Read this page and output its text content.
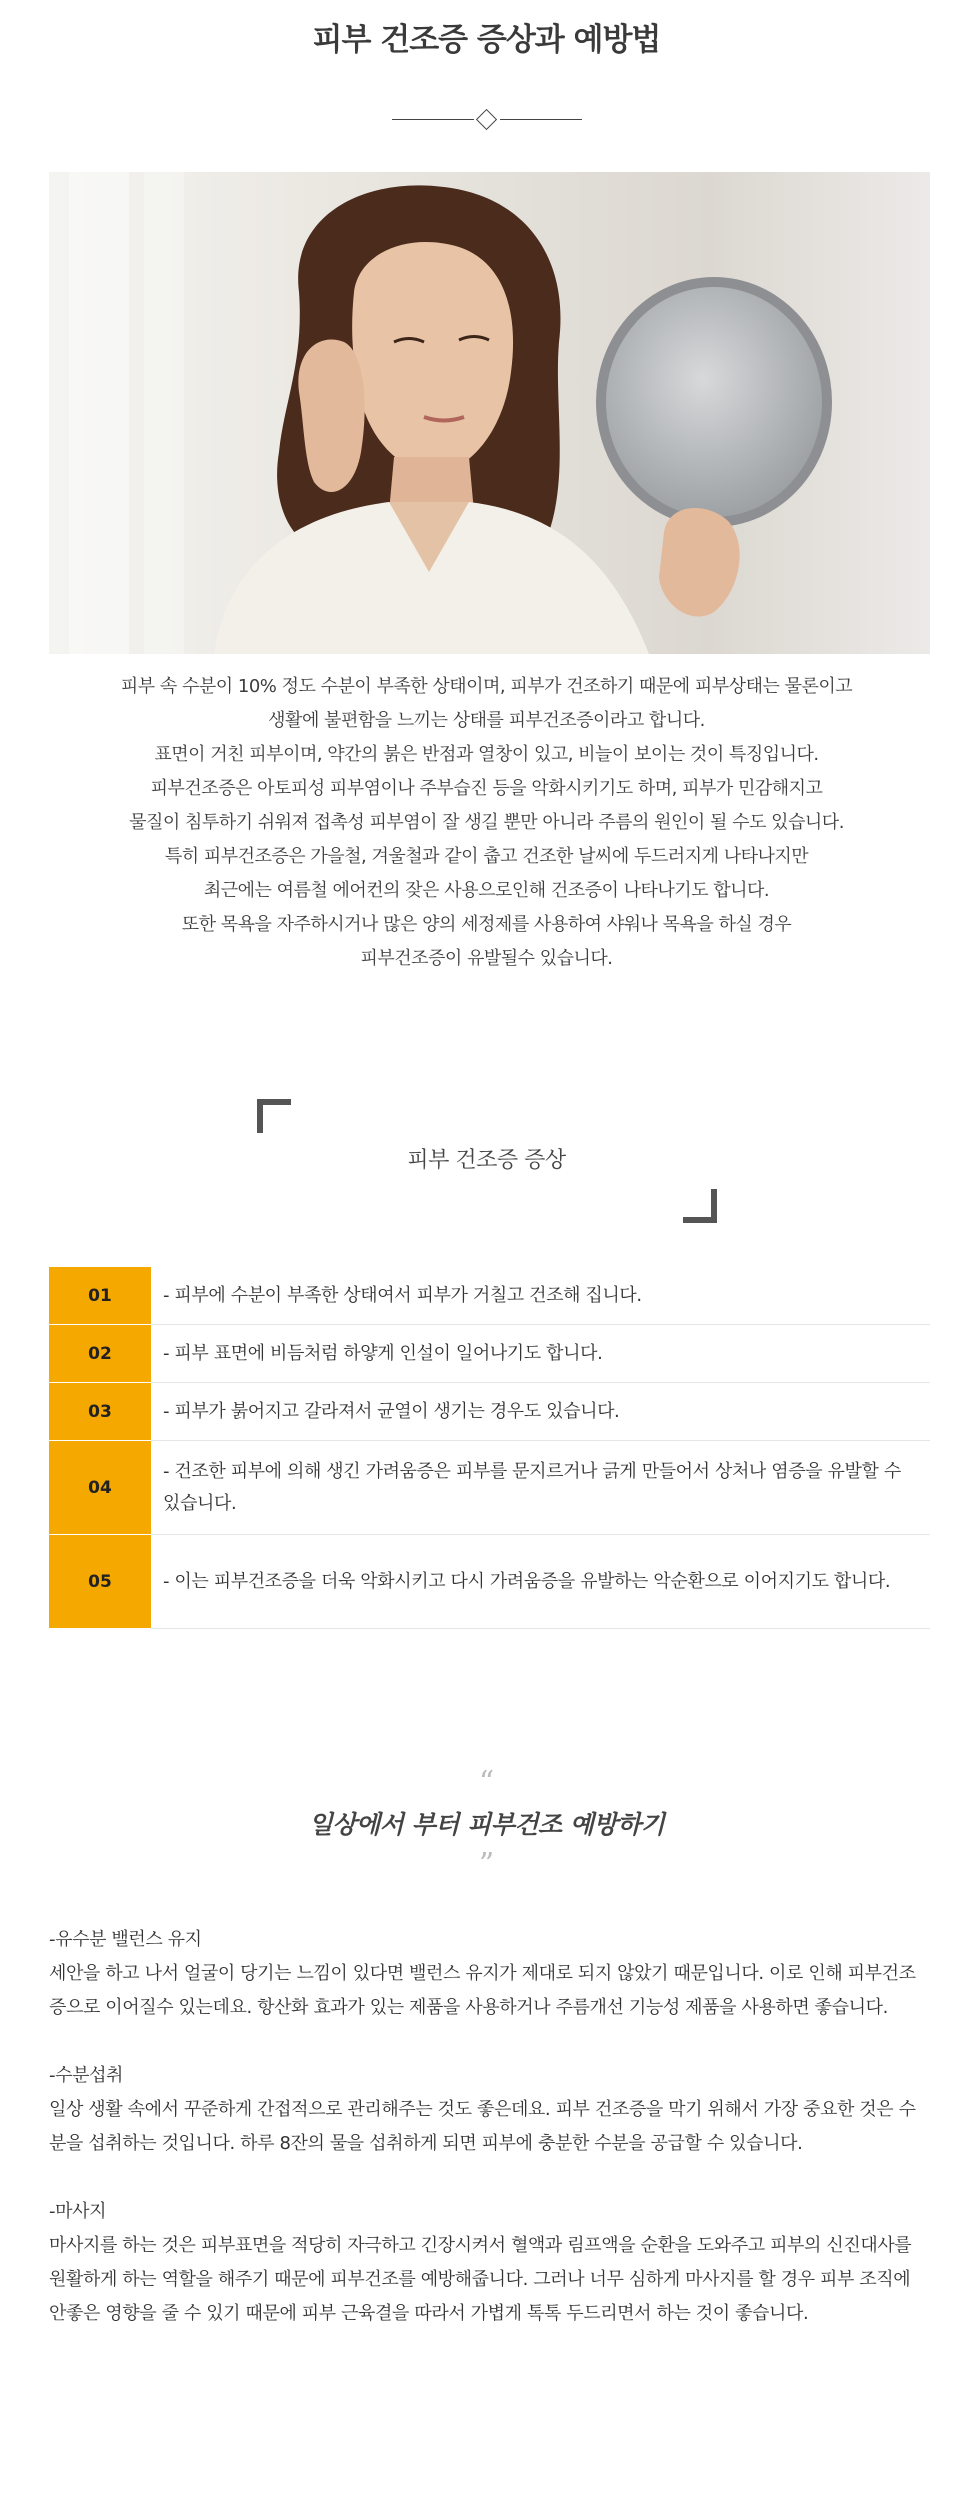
피부 건조증 증상과 예방법

피부 속 수분이 10% 정도 수분이 부족한 상태이며, 피부가 건조하기 때문에 피부상태는 물론이고

생활에 불편함을 느끼는 상태를 피부건조증이라고 합니다.

표면이 거친 피부이며, 약간의 붉은 반점과 열창이 있고, 비늘이 보이는 것이 특징입니다.

피부건조증은 아토피성 피부염이나 주부습진 등을 악화시키기도 하며, 피부가 민감해지고

물질이 침투하기 쉬워져 접촉성 피부염이 잘 생길 뿐만 아니라 주름의 원인이 될 수도 있습니다.

특히 피부건조증은 가을철, 겨울철과 같이 춥고 건조한 날씨에 두드러지게 나타나지만

최근에는 여름철 에어컨의 잦은 사용으로인해 건조증이 나타나기도 합니다.

또한 목욕을 자주하시거나 많은 양의 세정제를 사용하여 샤워나 목욕을 하실 경우

피부건조증이 유발될수 있습니다.

피부 건조증 증상
01	- 피부에 수분이 부족한 상태여서 피부가 거칠고 건조해 집니다.
02	- 피부 표면에 비듬처럼 하얗게 인설이 일어나기도 합니다.
03	- 피부가 붉어지고 갈라져서 균열이 생기는 경우도 있습니다.
04	- 건조한 피부에 의해 생긴 가려움증은 피부를 문지르거나 긁게 만들어서 상처나 염증을 유발할 수 있습니다.
05	- 이는 피부건조증을 더욱 악화시키고 다시 가려움증을 유발하는 악순환으로 이어지기도 합니다.
“
일상에서 부터 피부건조 예방하기
”

-유수분 밸런스 유지

세안을 하고 나서 얼굴이 당기는 느낌이 있다면 밸런스 유지가 제대로 되지 않았기 때문입니다. 이로 인해 피부건조증으로 이어질수 있는데요. 항산화 효과가 있는 제품을 사용하거나 주름개선 기능성 제품을 사용하면 좋습니다.

-수분섭취

일상 생활 속에서 꾸준하게 간접적으로 관리해주는 것도 좋은데요. 피부 건조증을 막기 위해서 가장 중요한 것은 수분을 섭취하는 것입니다. 하루 8잔의 물을 섭취하게 되면 피부에 충분한 수분을 공급할 수 있습니다.

-마사지

마사지를 하는 것은 피부표면을 적당히 자극하고 긴장시켜서 혈액과 림프액을 순환을 도와주고 피부의 신진대사를 원활하게 하는 역할을 해주기 때문에 피부건조를 예방해줍니다. 그러나 너무 심하게 마사지를 할 경우 피부 조직에 안좋은 영향을 줄 수 있기 때문에 피부 근육결을 따라서 가볍게 톡톡 두드리면서 하는 것이 좋습니다.
